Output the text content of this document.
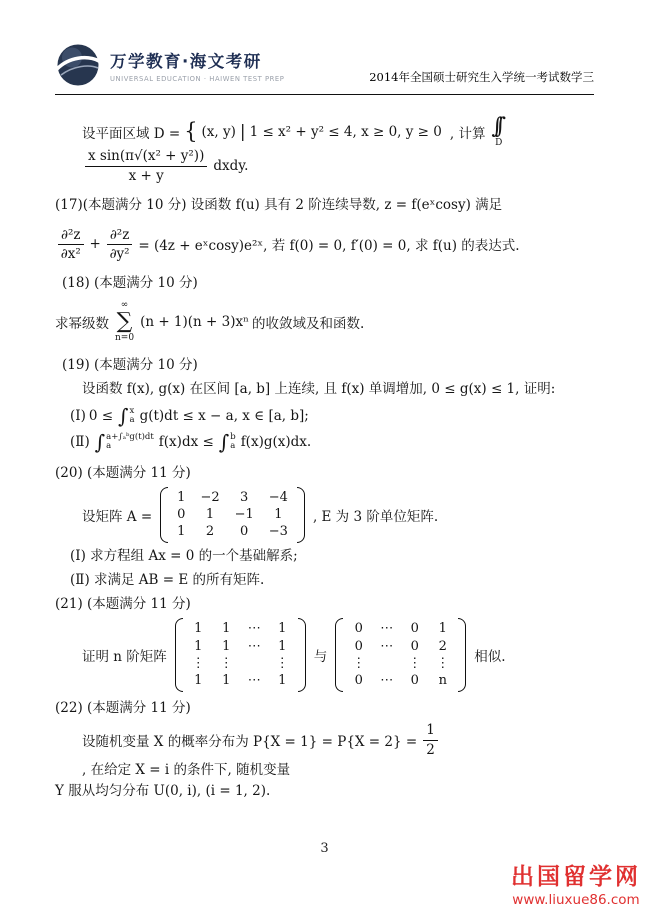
万学教育·海文考研
UNIVERSAL EDUCATION · HAIWEN TEST PREP	2014年全国硕士研究生入学统一考试数学三

设平面区域 D = { (x, y) | 1 ≤ x² + y² ≤ 4, x ≥ 0, y ≥ 0 , 计算 ∫∫
D
$\frac{\text{x sin(π√(x² + y²))}}{x + y}$ dxdy.

(17)(本题满分 10 分) 设函数 f(u) 具有 2 阶连续导数, z = f(eˣcosy) 满足

$\frac{\text{∂²z}}{\text{∂x²}} + \frac{\text{∂²z}}{\text{∂y²}} = (4z$ + eˣcosy)e²ˣ, 若 f(0) = 0, f′(0) = 0, 求 f(u) 的表达式.

(18) (本题满分 10 分)

求幂级数
∞
∑
n=0
(n + 1)(n + 3)xⁿ 的收敛域及和函数.

(19) (本题满分 10 分)

设函数 f(x), g(x) 在区间 [a, b] 上连续, 且 f(x) 单调增加, 0 ≤ g(x) ≤ 1, 证明:

(Ⅰ) 0 ≤ ∫ x
a g(t)dt ≤ x − a, x ∈ [a, b];

(Ⅱ) ∫ a+∫ₐᵇg(t)dt
a	f(x)dx ≤ ∫ b
a f(x)g(x)dx.

(20) (本题满分 11 分)

设矩阵 A =
1 −2 3 −4
0 1 −1 1
1 2 0 −3
, E 为 3 阶单位矩阵.

(Ⅰ) 求方程组 Ax = 0 的一个基础解系;

(Ⅱ) 求满足 AB = E 的所有矩阵.

(21) (本题满分 11 分)

证明 n 阶矩阵
1 1 ⋯ 1
1 1 ⋯ 1
⋮ ⋮	⋮
1 1 ⋯ 1
与
0 ⋯ 0 1
0 ⋯ 0 2
⋮	⋮ ⋮
0 ⋯ 0 n
相似.

(22) (本题满分 11 分)

设随机变量 X 的概率分布为 $P\{X = 1\} = P\{X = 2\} = \frac{1}{2}$
, 在给定 X = i 的条件下, 随机变量

Y 服从均匀分布 U(0, i), (i = 1, 2).

3
出国留学网
www.liuxue86.com
